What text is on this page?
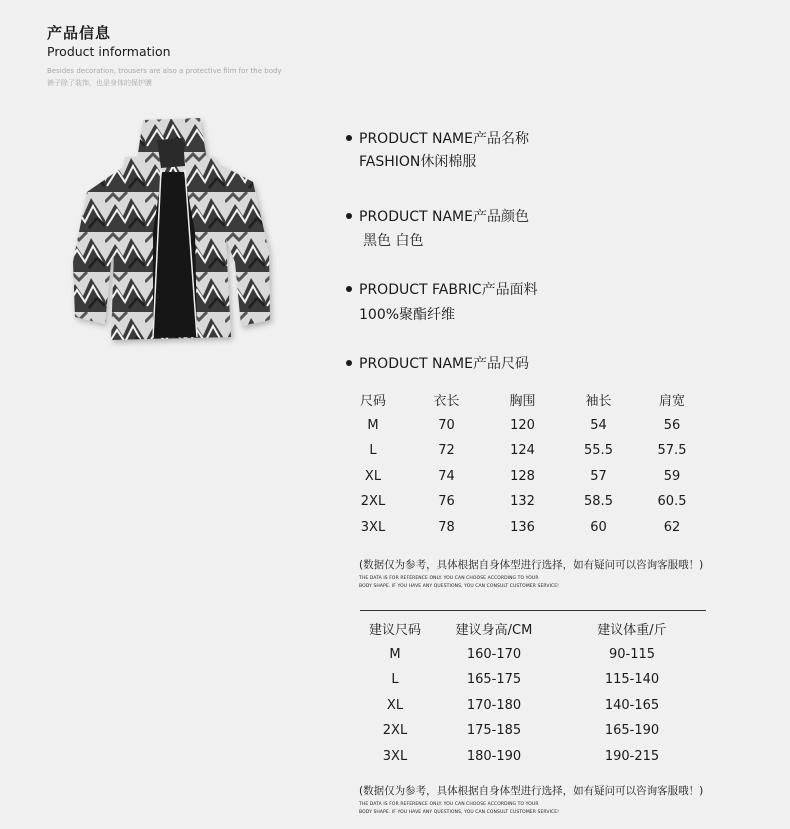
产品信息
Product information
Besides decoration, trousers are also a protective film for the body
裤子除了装饰，也是身体的保护膜
PRODUCT NAME产品名称
FASHION休闲棉服
PRODUCT NAME产品颜色
黑色 白色
PRODUCT FABRIC产品面料
100%聚酯纤维
PRODUCT NAME产品尺码
尺码	衣长	胸围	袖长	肩宽
M	70	120	54	56
L	72	124	55.5	57.5
XL	74	128	57	59
2XL	76	132	58.5	60.5
3XL	78	136	60	62
(数据仅为参考，具体根据自身体型进行选择，如有疑问可以咨询客服哦！)
THE DATA IS FOR REFERENCE ONLY. YOU CAN CHOOSE ACCORDING TO YOUR
BODY SHAPE. IF YOU HAVE ANY QUESTIONS, YOU CAN CONSULT CUSTOMER SERVICE!
建议尺码	建议身高/CM	建议体重/斤
M	160-170	90-115
L	165-175	115-140
XL	170-180	140-165
2XL	175-185	165-190
3XL	180-190	190-215
(数据仅为参考，具体根据自身体型进行选择，如有疑问可以咨询客服哦！)
THE DATA IS FOR REFERENCE ONLY. YOU CAN CHOOSE ACCORDING TO YOUR
BODY SHAPE. IF YOU HAVE ANY QUESTIONS, YOU CAN CONSULT CUSTOMER SERVICE!
